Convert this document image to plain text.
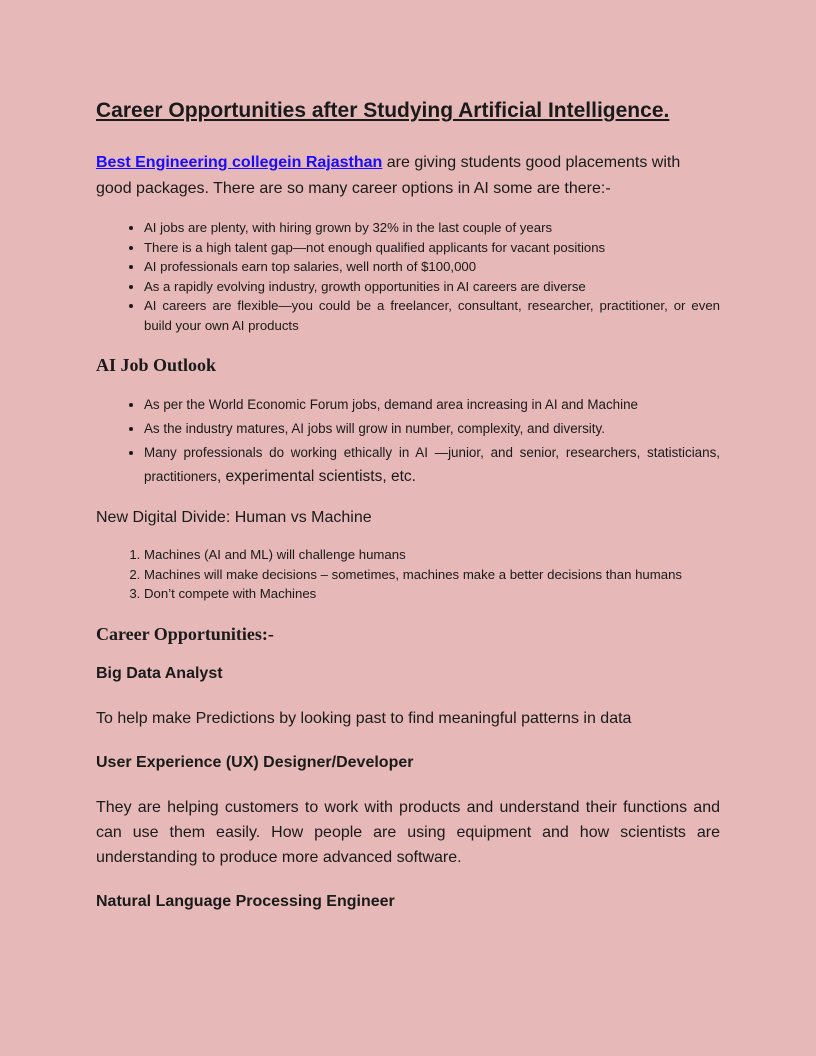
Career Opportunities after Studying Artificial Intelligence.

Best Engineering collegein Rajasthan are giving students good placements with good packages. There are so many career options in AI some are there:-

• AI jobs are plenty, with hiring grown by 32% in the last couple of years
• There is a high talent gap—not enough qualified applicants for vacant positions
• AI professionals earn top salaries, well north of $100,000
• As a rapidly evolving industry, growth opportunities in AI careers are diverse
• AI careers are flexible—you could be a freelancer, consultant, researcher, practitioner, or even build your own AI products
AI Job Outlook
• As per the World Economic Forum jobs, demand area increasing in AI and Machine
• As the industry matures, AI jobs will grow in number, complexity, and diversity.
• Many professionals do working ethically in AI —junior, and senior, researchers, statisticians, practitioners, experimental scientists, etc.

New Digital Divide: Human vs Machine

1. Machines (AI and ML) will challenge humans
2. Machines will make decisions – sometimes, machines make a better decisions than humans
3. Don’t compete with Machines
Career Opportunities:-
Big Data Analyst

To help make Predictions by looking past to find meaningful patterns in data

User Experience (UX) Designer/Developer

They are helping customers to work with products and understand their functions and can use them easily. How people are using equipment and how scientists are understanding to produce more advanced software.

Natural Language Processing Engineer
